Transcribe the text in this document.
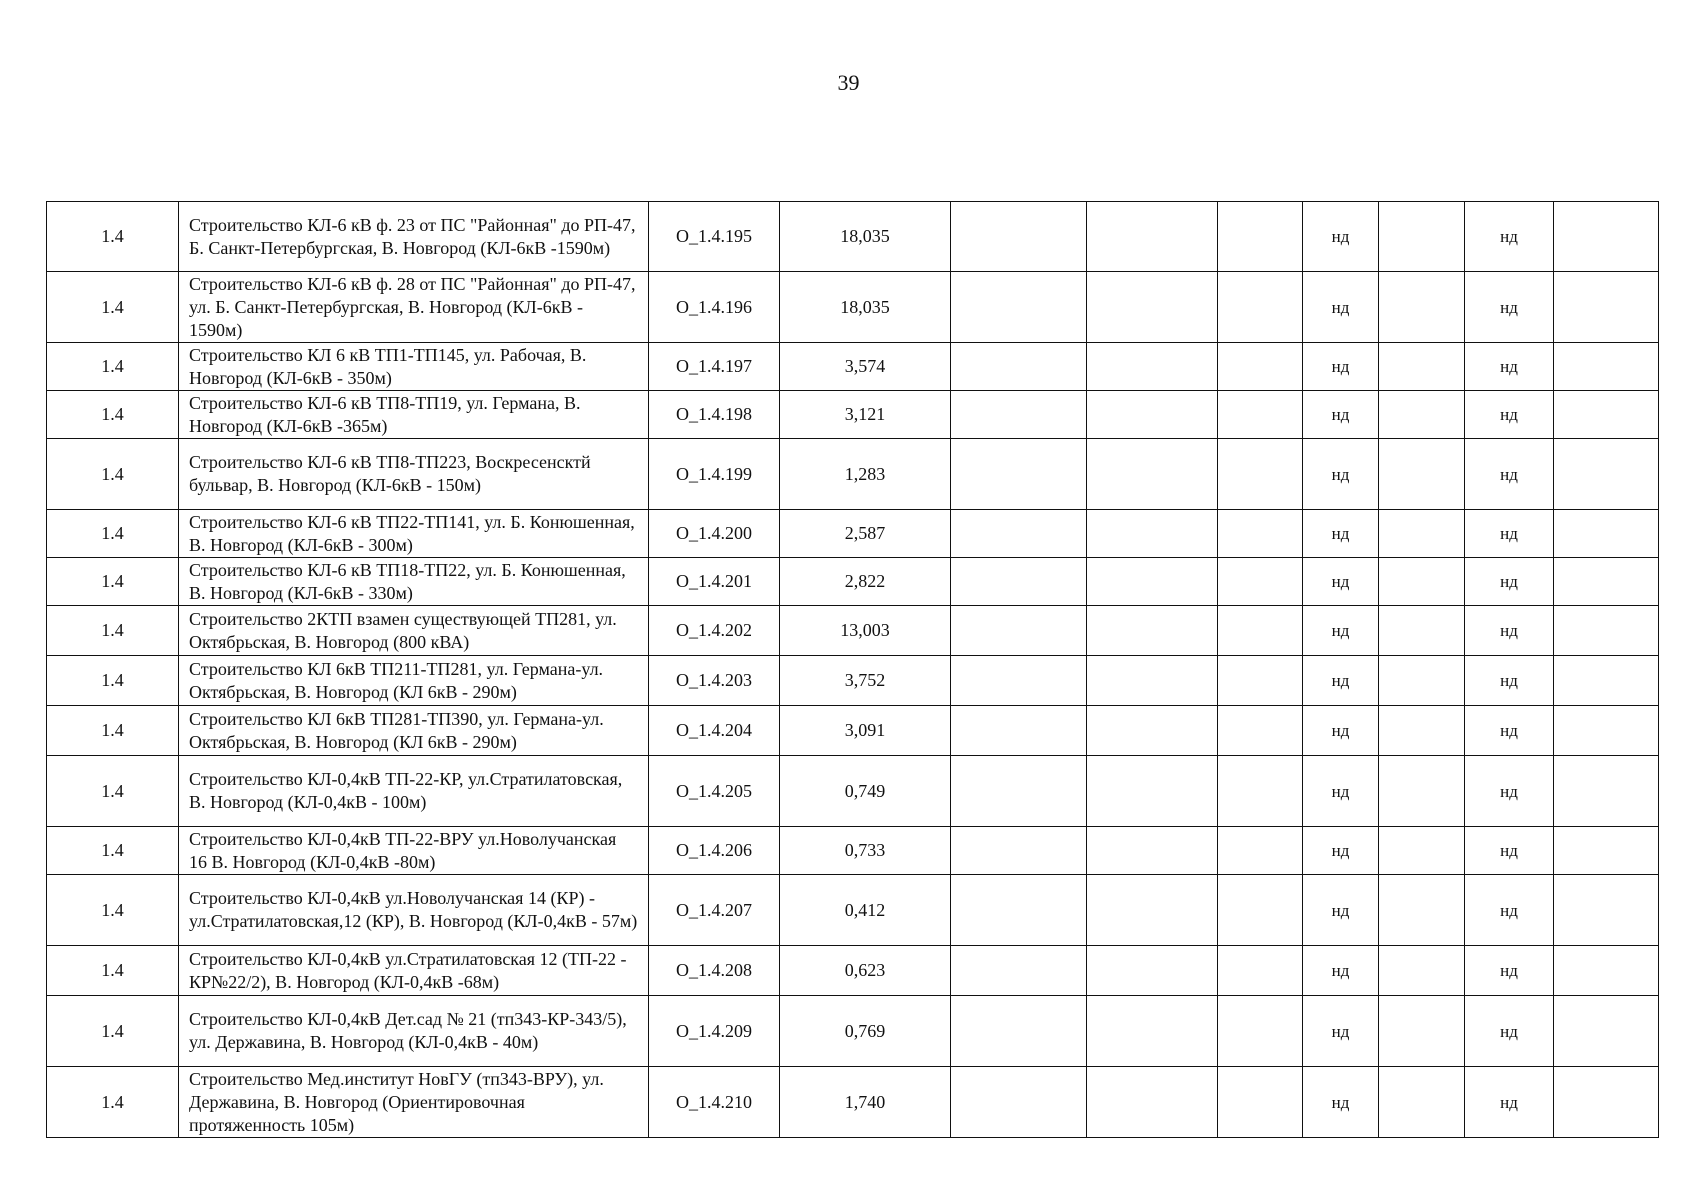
39
1.4	Строительство КЛ-6 кВ ф. 23 от ПС "Районная" до РП-47, Б. Санкт-Петербургская, В. Новгород (КЛ-6кВ -1590м)	O_1.4.195	18,035				нд		нд	
1.4	Строительство КЛ-6 кВ ф. 28 от ПС "Районная" до РП-47, ул. Б. Санкт-Петербургская, В. Новгород (КЛ-6кВ - 1590м)	O_1.4.196	18,035				нд		нд	
1.4	Строительство КЛ 6 кВ ТП1-ТП145, ул. Рабочая, В. Новгород (КЛ-6кВ - 350м)	O_1.4.197	3,574				нд		нд	
1.4	Строительство КЛ-6 кВ ТП8-ТП19, ул. Германа, В. Новгород (КЛ-6кВ -365м)	O_1.4.198	3,121				нд		нд	
1.4	Строительство КЛ-6 кВ ТП8-ТП223, Воскресенсктй бульвар, В. Новгород (КЛ-6кВ - 150м)	O_1.4.199	1,283				нд		нд	
1.4	Строительство КЛ-6 кВ ТП22-ТП141, ул. Б. Конюшенная, В. Новгород (КЛ-6кВ - 300м)	O_1.4.200	2,587				нд		нд	
1.4	Строительство КЛ-6 кВ ТП18-ТП22, ул. Б. Конюшенная, В. Новгород (КЛ-6кВ - 330м)	O_1.4.201	2,822				нд		нд	
1.4	Строительство 2КТП взамен существующей ТП281, ул. Октябрьская, В. Новгород (800 кВА)	O_1.4.202	13,003				нд		нд	
1.4	Строительство КЛ 6кВ ТП211-ТП281, ул. Германа-ул. Октябрьская, В. Новгород (КЛ 6кВ - 290м)	O_1.4.203	3,752				нд		нд	
1.4	Строительство КЛ 6кВ ТП281-ТП390, ул. Германа-ул. Октябрьская, В. Новгород (КЛ 6кВ - 290м)	O_1.4.204	3,091				нд		нд	
1.4	Строительство КЛ-0,4кВ ТП-22-КР, ул.Стратилатовская, В. Новгород (КЛ-0,4кВ - 100м)	O_1.4.205	0,749				нд		нд	
1.4	Строительство КЛ-0,4кВ ТП-22-ВРУ ул.Новолучанская 16 В. Новгород (КЛ-0,4кВ -80м)	O_1.4.206	0,733				нд		нд	
1.4	Строительство КЛ-0,4кВ ул.Новолучанская 14 (КР) - ул.Стратилатовская,12 (КР), В. Новгород (КЛ-0,4кВ - 57м)	O_1.4.207	0,412				нд		нд	
1.4	Строительство КЛ-0,4кВ ул.Стратилатовская 12 (ТП-22 - КР№22/2), В. Новгород (КЛ-0,4кВ -68м)	O_1.4.208	0,623				нд		нд	
1.4	Строительство КЛ-0,4кВ Дет.сад № 21 (тп343-КР-343/5), ул. Державина, В. Новгород (КЛ-0,4кВ - 40м)	O_1.4.209	0,769				нд		нд	
1.4	Строительство Мед.институт НовГУ (тп343-ВРУ), ул. Державина, В. Новгород (Ориентировочная протяженность 105м)	O_1.4.210	1,740				нд		нд	
